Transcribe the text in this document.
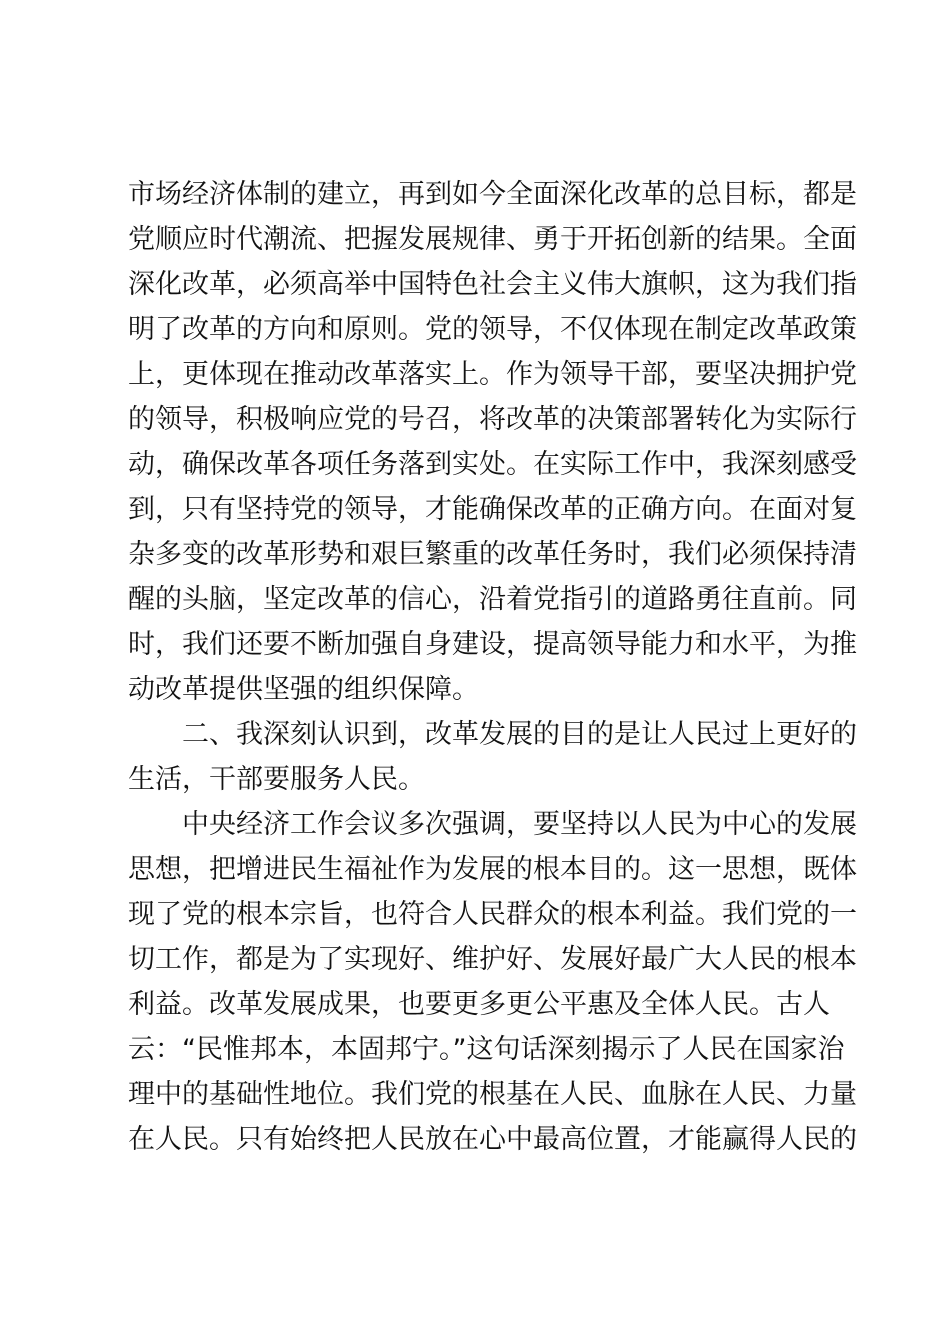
市场经济体制的建立，再到如今全面深化改革的总目标，都是
党顺应时代潮流、把握发展规律、勇于开拓创新的结果。全面
深化改革，必须高举中国特色社会主义伟大旗帜，这为我们指
明了改革的方向和原则。党的领导，不仅体现在制定改革政策
上，更体现在推动改革落实上。作为领导干部，要坚决拥护党
的领导，积极响应党的号召，将改革的决策部署转化为实际行
动，确保改革各项任务落到实处。在实际工作中，我深刻感受
到，只有坚持党的领导，才能确保改革的正确方向。在面对复
杂多变的改革形势和艰巨繁重的改革任务时，我们必须保持清
醒的头脑，坚定改革的信心，沿着党指引的道路勇往直前。同
时，我们还要不断加强自身建设，提高领导能力和水平，为推
动改革提供坚强的组织保障。
二、我深刻认识到，改革发展的目的是让人民过上更好的
生活，干部要服务人民。
中央经济工作会议多次强调，要坚持以人民为中心的发展
思想，把增进民生福祉作为发展的根本目的。这一思想，既体
现了党的根本宗旨，也符合人民群众的根本利益。我们党的一
切工作，都是为了实现好、维护好、发展好最广大人民的根本
利益。改革发展成果，也要更多更公平惠及全体人民。古人
云：“民惟邦本，本固邦宁。”这句话深刻揭示了人民在国家治
理中的基础性地位。我们党的根基在人民、血脉在人民、力量
在人民。只有始终把人民放在心中最高位置，才能赢得人民的
